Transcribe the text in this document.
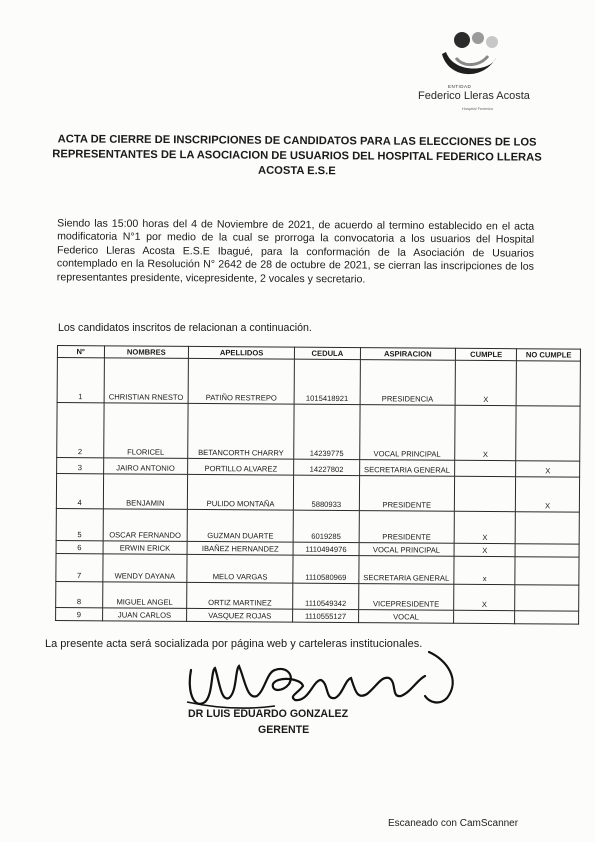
ENTIDAD
Federico Lleras Acosta
Hospital Federico
ACTA DE CIERRE DE INSCRIPCIONES DE CANDIDATOS PARA LAS ELECCIONES DE LOS REPRESENTANTES DE LA ASOCIACION DE USUARIOS DEL HOSPITAL FEDERICO LLERAS ACOSTA E.S.E
Siendo las 15:00 horas del 4 de Noviembre de 2021, de acuerdo al termino establecido en el acta modificatoria N°1 por medio de la cual se prorroga la convocatoria a los usuarios del Hospital Federico Lleras Acosta E.S.E Ibagué, para la conformación de la Asociación de Usuarios contemplado en la Resolución N° 2642 de 28 de octubre de 2021, se cierran las inscripciones de los representantes presidente, vicepresidente, 2 vocales y secretario.
Los candidatos inscritos de relacionan a continuación.
N°	NOMBRES	APELLIDOS	CEDULA	ASPIRACION	CUMPLE	NO CUMPLE
1	CHRISTIAN RNESTO	PATIÑO RESTREPO	1015418921	PRESIDENCIA	X	
2	FLORICEL	BETANCORTH CHARRY	14239775	VOCAL PRINCIPAL	X	
3	JAIRO ANTONIO	PORTILLO ALVAREZ	14227802	SECRETARIA GENERAL		X
4	BENJAMIN	PULIDO MONTAÑA	5880933	PRESIDENTE		X
5	OSCAR FERNANDO	GUZMAN DUARTE	6019285	PRESIDENTE	X	
6	ERWIN ERICK	IBAÑEZ HERNANDEZ	1110494976	VOCAL PRINCIPAL	X	
7	WENDY DAYANA	MELO VARGAS	1110580969	SECRETARIA GENERAL	x	
8	MIGUEL ANGEL	ORTIZ MARTINEZ	1110549342	VICEPRESIDENTE	X	
9	JUAN CARLOS	VASQUEZ ROJAS	1110555127	VOCAL		
La presente acta será socializada por página web y carteleras institucionales.
DR LUIS EDUARDO GONZALEZ
GERENTE
Escaneado con CamScanner
